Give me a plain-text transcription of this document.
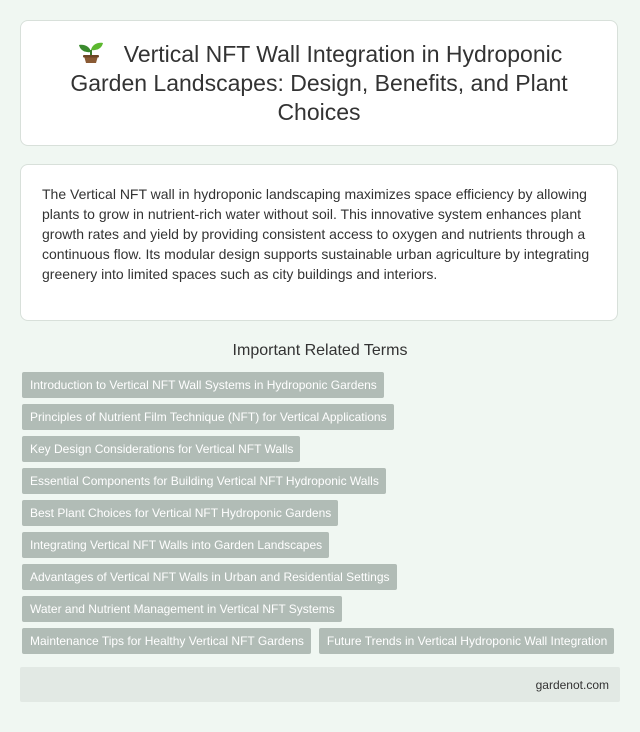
Vertical NFT Wall Integration in Hydroponic Garden Landscapes: Design, Benefits, and Plant Choices

The Vertical NFT wall in hydroponic landscaping maximizes space efficiency by allowing plants to grow in nutrient-rich water without soil. This innovative system enhances plant growth rates and yield by providing consistent access to oxygen and nutrients through a continuous flow. Its modular design supports sustainable urban agriculture by integrating greenery into limited spaces such as city buildings and interiors.

Important Related Terms
Introduction to Vertical NFT Wall Systems in Hydroponic Gardens
Principles of Nutrient Film Technique (NFT) for Vertical Applications
Key Design Considerations for Vertical NFT Walls
Essential Components for Building Vertical NFT Hydroponic Walls
Best Plant Choices for Vertical NFT Hydroponic Gardens
Integrating Vertical NFT Walls into Garden Landscapes
Advantages of Vertical NFT Walls in Urban and Residential Settings
Water and Nutrient Management in Vertical NFT Systems
Maintenance Tips for Healthy Vertical NFT Gardens	Future Trends in Vertical Hydroponic Wall Integration
gardenot.com
